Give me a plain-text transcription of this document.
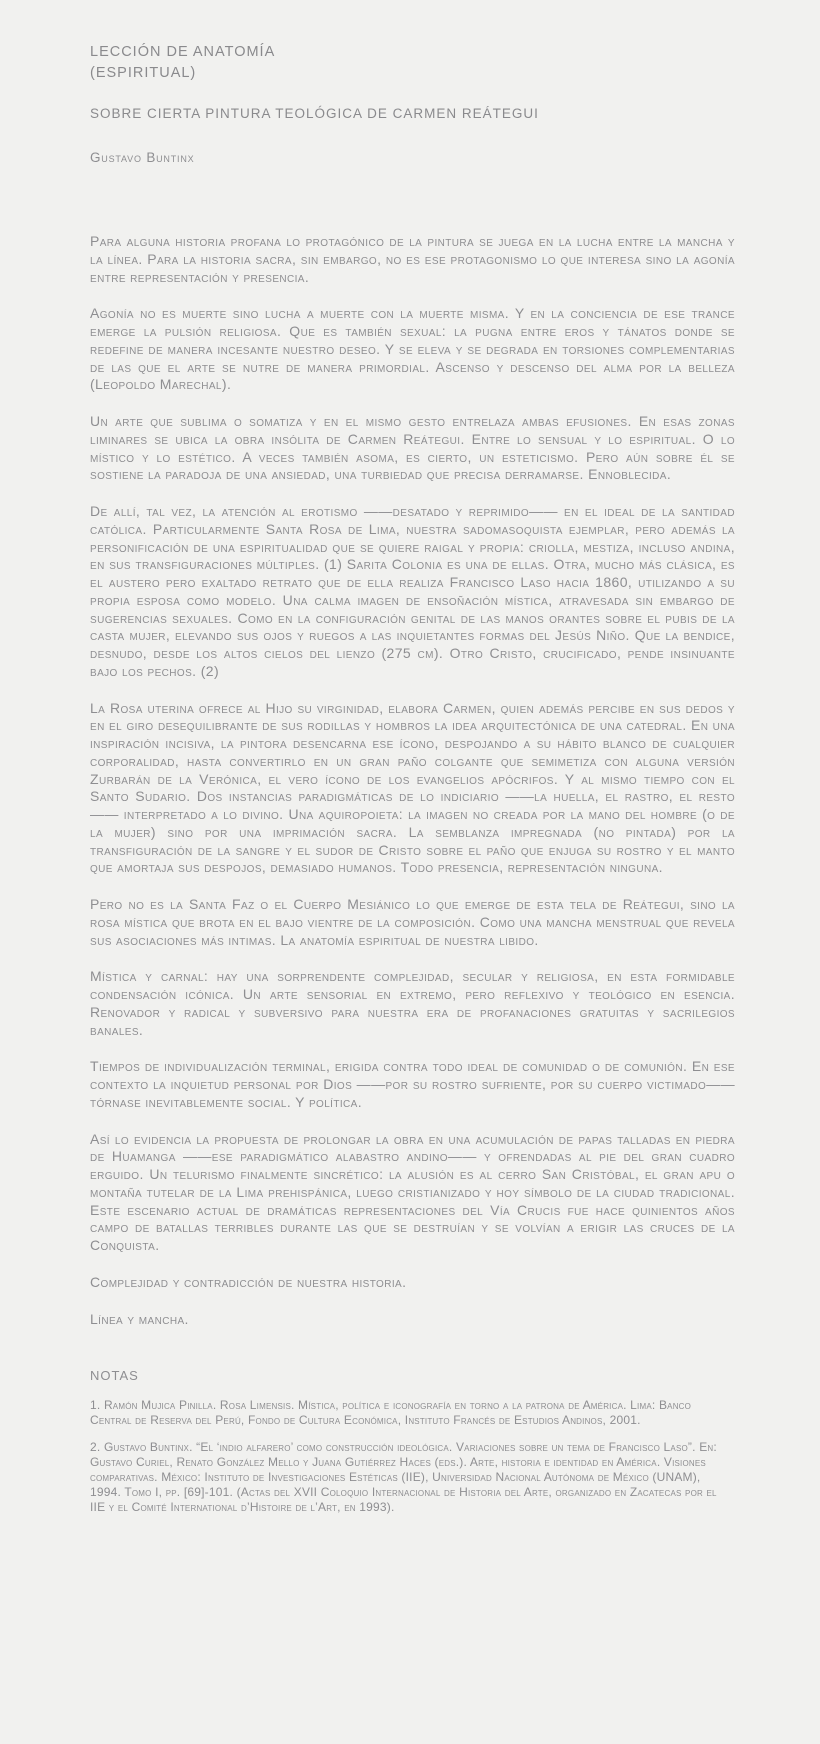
LECCIÓN DE ANATOMÍA
(ESPIRITUAL)
SOBRE CIERTA PINTURA TEOLÓGICA DE CARMEN REÁTEGUI
Gustavo Buntinx

Para alguna historia profana lo protagónico de la pintura se juega en la lucha entre la mancha y la línea. Para la historia sacra, sin embargo, no es ese protagonismo lo que interesa sino la agonía entre representación y presencia.

Agonía no es muerte sino lucha a muerte con la muerte misma. Y en la conciencia de ese trance emerge la pulsión religiosa. Que es también sexual: la pugna entre eros y tánatos donde se redefine de manera incesante nuestro deseo. Y se eleva y se degrada en torsiones complementarias de las que el arte se nutre de manera primordial. Ascenso y descenso del alma por la belleza (Leopoldo Marechal).

Un arte que sublima o somatiza y en el mismo gesto entrelaza ambas efusiones. En esas zonas liminares se ubica la obra insólita de Carmen Reátegui. Entre lo sensual y lo espiritual. O lo místico y lo estético. A veces también asoma, es cierto, un esteticismo. Pero aún sobre él se sostiene la paradoja de una ansiedad, una turbiedad que precisa derramarse. Ennoblecida.

De allí, tal vez, la atención al erotismo ——desatado y reprimido—— en el ideal de la santidad católica. Particularmente Santa Rosa de Lima, nuestra sadomasoquista ejemplar, pero además la personificación de una espiritualidad que se quiere raigal y propia: criolla, mestiza, incluso andina, en sus transfiguraciones múltiples. (1) Sarita Colonia es una de ellas. Otra, mucho más clásica, es el austero pero exaltado retrato que de ella realiza Francisco Laso hacia 1860, utilizando a su propia esposa como modelo. Una calma imagen de ensoñación mística, atravesada sin embargo de sugerencias sexuales. Como en la configuración genital de las manos orantes sobre el pubis de la casta mujer, elevando sus ojos y ruegos a las inquietantes formas del Jesús Niño. Que la bendice, desnudo, desde los altos cielos del lienzo (275 cm). Otro Cristo, crucificado, pende insinuante bajo los pechos. (2)

La Rosa uterina ofrece al Hijo su virginidad, elabora Carmen, quien además percibe en sus dedos y en el giro desequilibrante de sus rodillas y hombros la idea arquitectónica de una catedral. En una inspiración incisiva, la pintora desencarna ese ícono, despojando a su hábito blanco de cualquier corporalidad, hasta convertirlo en un gran paño colgante que semimetiza con alguna versión Zurbarán de la Verónica, el vero ícono de los evangelios apócrifos. Y al mismo tiempo con el Santo Sudario. Dos instancias paradigmáticas de lo indiciario ——la huella, el rastro, el resto—— interpretado a lo divino. Una aquiropoieta: la imagen no creada por la mano del hombre (o de la mujer) sino por una imprimación sacra. La semblanza impregnada (no pintada) por la transfiguración de la sangre y el sudor de Cristo sobre el paño que enjuga su rostro y el manto que amortaja sus despojos, demasiado humanos. Todo presencia, representación ninguna.

Pero no es la Santa Faz o el Cuerpo Mesiánico lo que emerge de esta tela de Reátegui, sino la rosa mística que brota en el bajo vientre de la composición. Como una mancha menstrual que revela sus asociaciones más intimas. La anatomía espiritual de nuestra libido.

Mística y carnal: hay una sorprendente complejidad, secular y religiosa, en esta formidable condensación icónica. Un arte sensorial en extremo, pero reflexivo y teológico en esencia. Renovador y radical y subversivo para nuestra era de profanaciones gratuitas y sacrilegios banales.

Tiempos de individualización terminal, erigida contra todo ideal de comunidad o de comunión. En ese contexto la inquietud personal por Dios ——por su rostro sufriente, por su cuerpo victimado—— tórnase inevitablemente social. Y política.

Así lo evidencia la propuesta de prolongar la obra en una acumulación de papas talladas en piedra de Huamanga ——ese paradigmático alabastro andino—— y ofrendadas al pie del gran cuadro erguido. Un telurismo finalmente sincrético: la alusión es al cerro San Cristóbal, el gran apu o montaña tutelar de la Lima prehispánica, luego cristianizado y hoy símbolo de la ciudad tradicional. Este escenario actual de dramáticas representaciones del Vía Crucis fue hace quinientos años campo de batallas terribles durante las que se destruían y se volvían a erigir las cruces de la Conquista.

Complejidad y contradicción de nuestra historia.

Línea y mancha.

NOTAS

1. Ramón Mujica Pinilla. Rosa Limensis. Mística, política e iconografía en torno a la patrona de América. Lima: Banco Central de Reserva del Perú, Fondo de Cultura Económica, Instituto Francés de Estudios Andinos, 2001.

2. Gustavo Buntinx. “El ‘indio alfarero’ como construcción ideológica. Variaciones sobre un tema de Francisco Laso”. En: Gustavo Curiel, Renato González Mello y Juana Gutiérrez Haces (eds.). Arte, historia e identidad en América. Visiones comparativas. México: Instituto de Investigaciones Estéticas (IIE), Universidad Nacional Autónoma de México (UNAM), 1994. Tomo I, pp. [69]-101. (Actas del XVII Coloquio Internacional de Historia del Arte, organizado en Zacatecas por el IIE y el Comité International d’Histoire de l’Art, en 1993).
